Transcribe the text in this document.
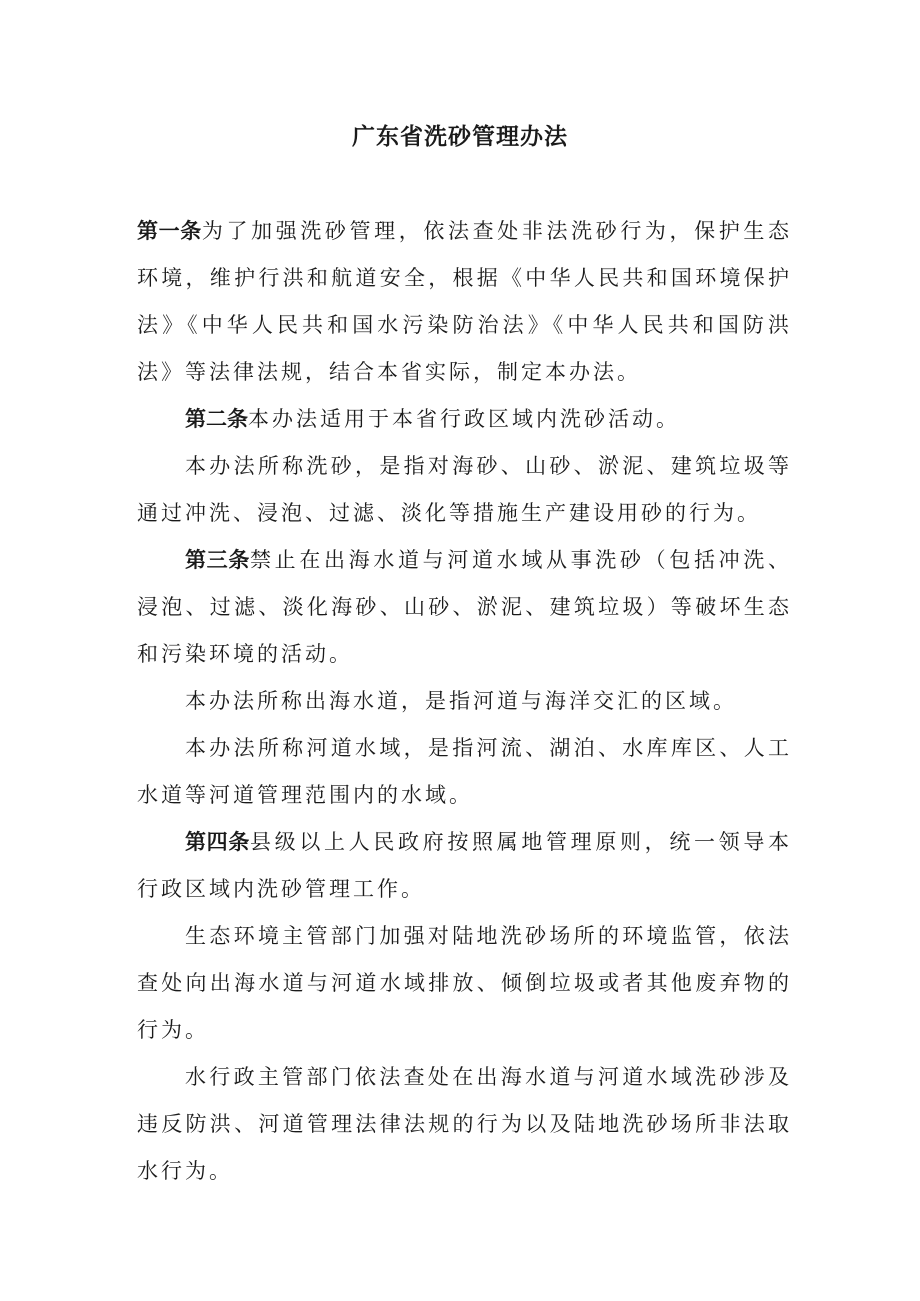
广东省洗砂管理办法

第一条为了加强洗砂管理，依法查处非法洗砂行为，保护生态环境，维护行洪和航道安全，根据《中华人民共和国环境保护法》《中华人民共和国水污染防治法》《中华人民共和国防洪法》等法律法规，结合本省实际，制定本办法。

第二条本办法适用于本省行政区域内洗砂活动。

本办法所称洗砂，是指对海砂、山砂、淤泥、建筑垃圾等通过冲洗、浸泡、过滤、淡化等措施生产建设用砂的行为。

第三条禁止在出海水道与河道水域从事洗砂（包括冲洗、浸泡、过滤、淡化海砂、山砂、淤泥、建筑垃圾）等破坏生态和污染环境的活动。

本办法所称出海水道，是指河道与海洋交汇的区域。

本办法所称河道水域，是指河流、湖泊、水库库区、人工水道等河道管理范围内的水域。

第四条县级以上人民政府按照属地管理原则，统一领导本行政区域内洗砂管理工作。

生态环境主管部门加强对陆地洗砂场所的环境监管，依法查处向出海水道与河道水域排放、倾倒垃圾或者其他废弃物的行为。

水行政主管部门依法查处在出海水道与河道水域洗砂涉及违反防洪、河道管理法律法规的行为以及陆地洗砂场所非法取水行为。
